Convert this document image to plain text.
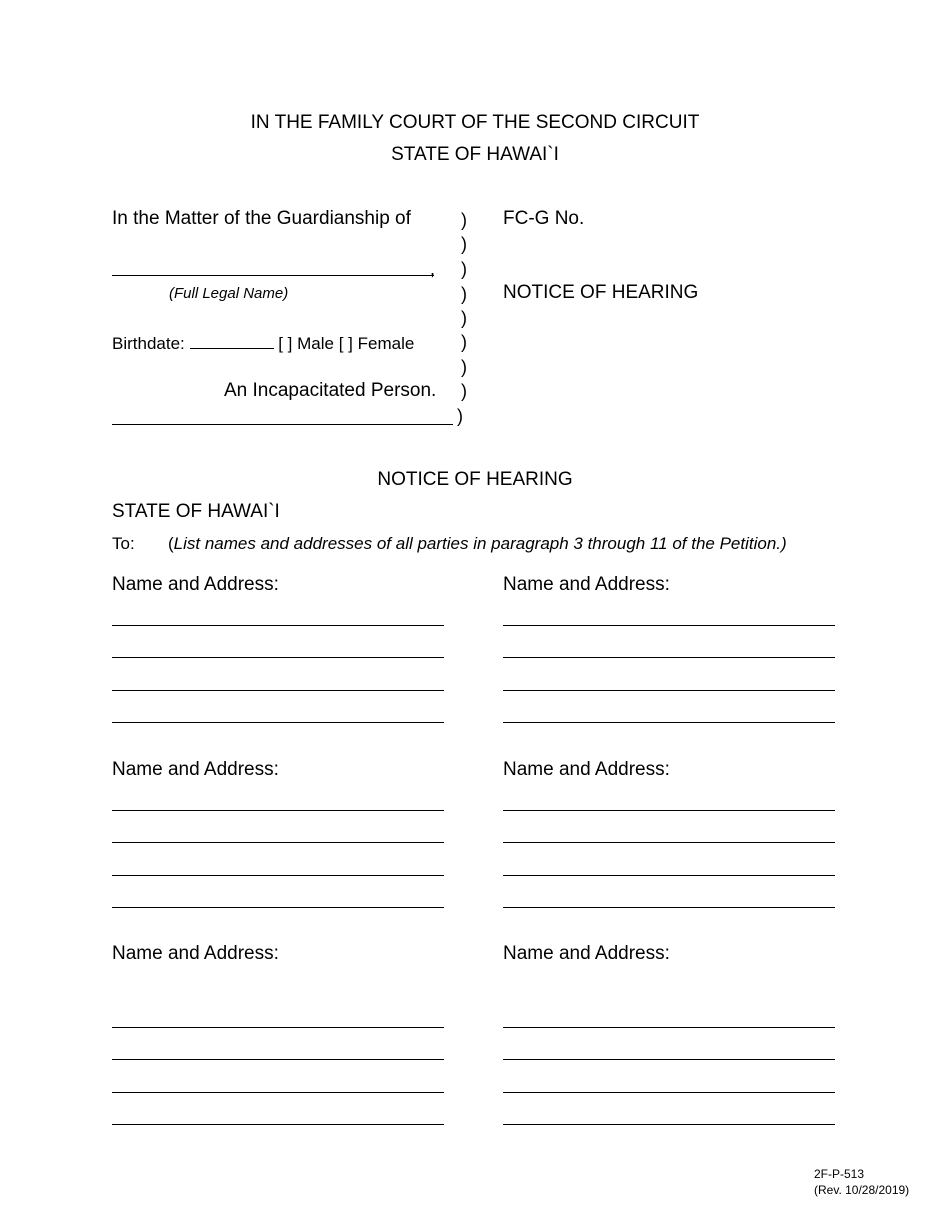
IN THE FAMILY COURT OF THE SECOND CIRCUIT
STATE OF HAWAI`I
In the Matter of the Guardianship of
,
(Full Legal Name)
Birthdate:	[ ] Male [ ] Female
An Incapacitated Person.
)
)
)
)
)
)
)
)
)
FC-G No.
NOTICE OF HEARING
NOTICE OF HEARING
STATE OF HAWAI`I
To: (List names and addresses of all parties in paragraph 3 through 11 of the Petition.)
Name and Address:	Name and Address:
Name and Address:	Name and Address:
Name and Address:	Name and Address:
2F-P-513
(Rev. 10/28/2019)
